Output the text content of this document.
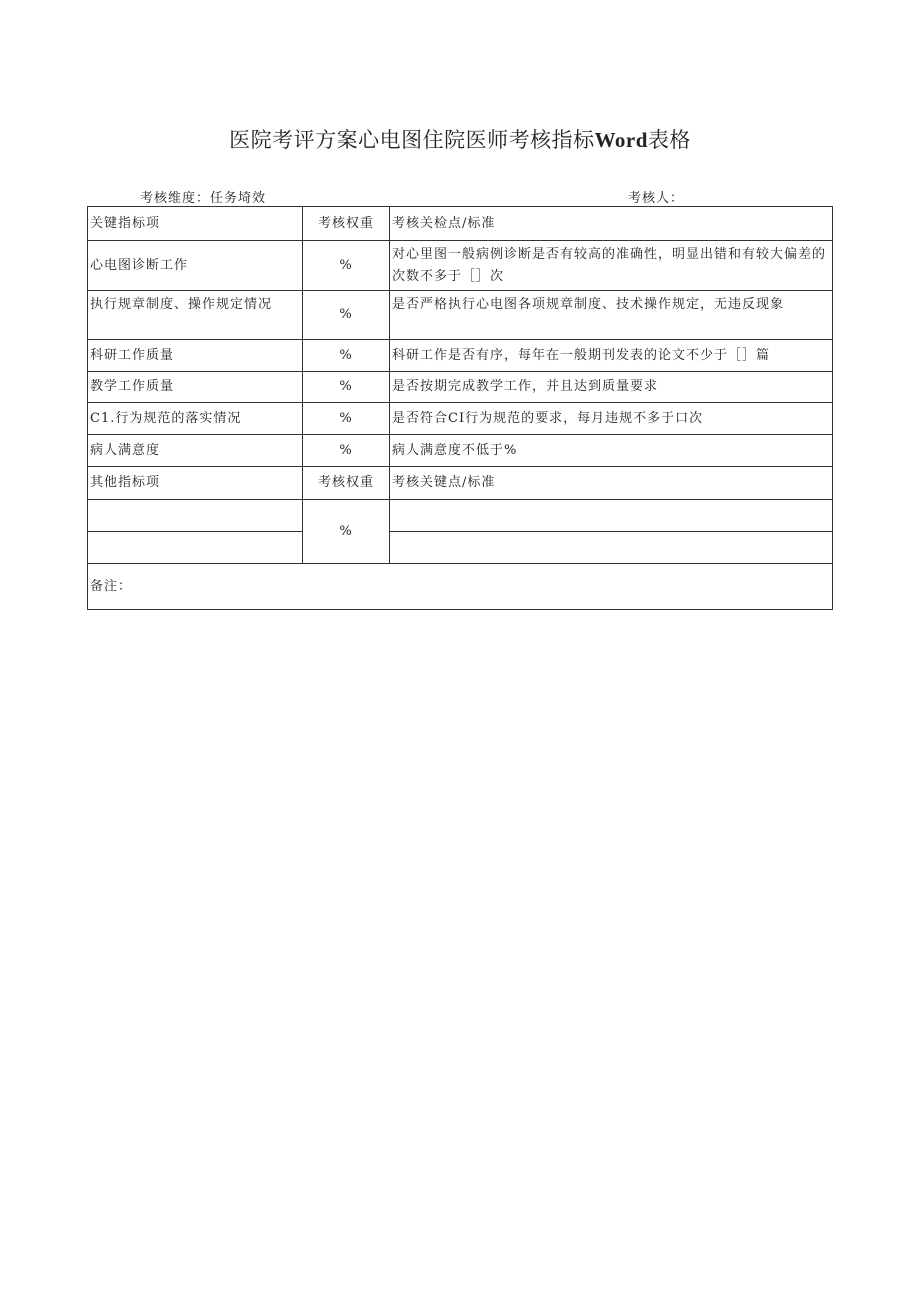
医院考评方案心电图住院医师考核指标Word表格
考核维度：任务埼效	考核人：
关键指标项	考核权重	考核关检点/标准
心电图诊断工作	%	对心里图一般病例诊断是否有较高的准确性，明显出错和有较大偏差的次数不多于［］次
执行规章制度、操作规定情况	%	是否严格执行心电图各项规章制度、技术操作规定，无违反现象
科研工作质量	%	科研工作是否有序，每年在一般期刊发表的论文不少于［］篇
教学工作质量	%	是否按期完成教学工作，并且达到质量要求
C1.行为规范的落实情况	%	是否符合CI行为规范的要求，每月违规不多于口次
病人满意度	%	病人满意度不低于%
其他指标项	考核权重	考核关键点/标准
	%	

备注：		
